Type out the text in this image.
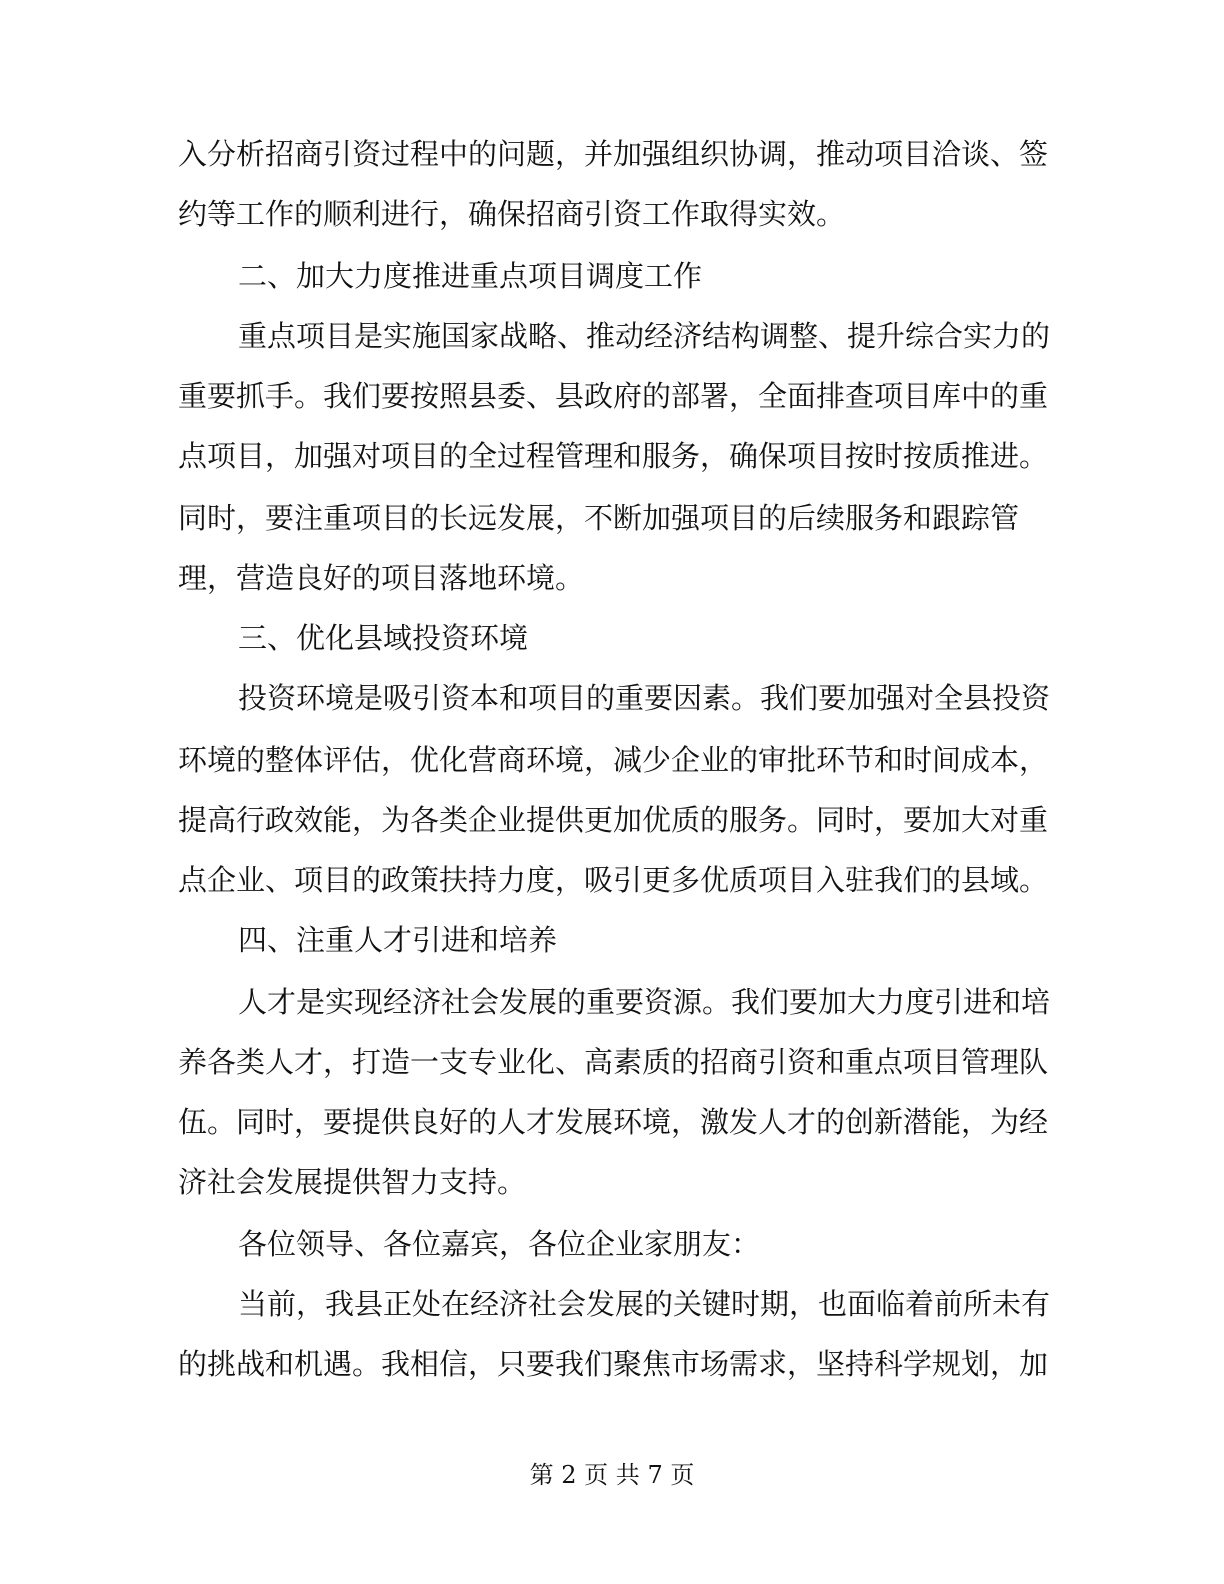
入分析招商引资过程中的问题，并加强组织协调，推动项目洽谈、签
约等工作的顺利进行，确保招商引资工作取得实效。
二、加大力度推进重点项目调度工作
重点项目是实施国家战略、推动经济结构调整、提升综合实力的
重要抓手。我们要按照县委、县政府的部署，全面排查项目库中的重
点项目，加强对项目的全过程管理和服务，确保项目按时按质推进。
同时，要注重项目的长远发展，不断加强项目的后续服务和跟踪管
理，营造良好的项目落地环境。
三、优化县域投资环境
投资环境是吸引资本和项目的重要因素。我们要加强对全县投资
环境的整体评估，优化营商环境，减少企业的审批环节和时间成本，
提高行政效能，为各类企业提供更加优质的服务。同时，要加大对重
点企业、项目的政策扶持力度，吸引更多优质项目入驻我们的县域。
四、注重人才引进和培养
人才是实现经济社会发展的重要资源。我们要加大力度引进和培
养各类人才，打造一支专业化、高素质的招商引资和重点项目管理队
伍。同时，要提供良好的人才发展环境，激发人才的创新潜能，为经
济社会发展提供智力支持。
各位领导、各位嘉宾，各位企业家朋友：
当前，我县正处在经济社会发展的关键时期，也面临着前所未有
的挑战和机遇。我相信，只要我们聚焦市场需求，坚持科学规划，加
第 2 页 共 7 页
